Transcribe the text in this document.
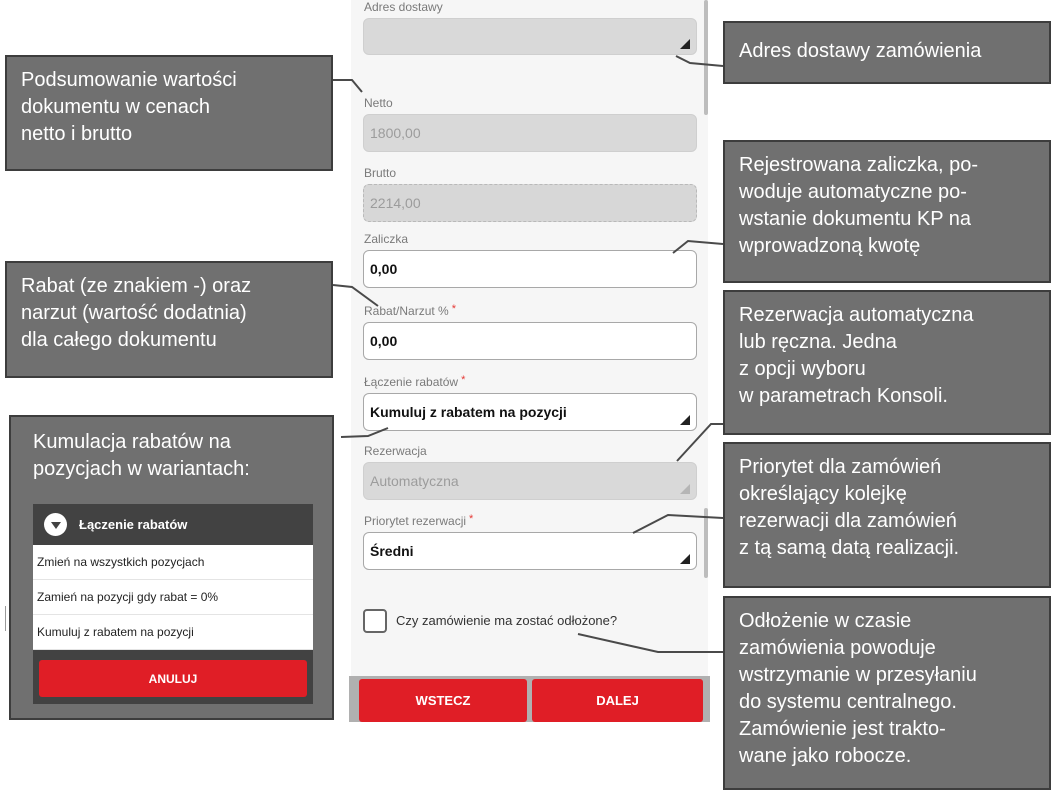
Adres dostawy
Netto
1800,00
Brutto
2214,00
Zaliczka
0,00
Rabat/Narzut % *
0,00
Łączenie rabatów *
Kumuluj z rabatem na pozycji
Rezerwacja
Automatyczna
Priorytet rezerwacji *
Średni
Czy zamówienie ma zostać odłożone?
WSTECZ	DALEJ
Podsumowanie wartości
dokumentu w cenach
netto i brutto
Rabat (ze znakiem -) oraz
narzut (wartość dodatnia)
dla całego dokumentu
Adres dostawy zamówienia
Rejestrowana zaliczka, po-
woduje automatyczne po-
wstanie dokumentu KP na
wprowadzoną kwotę
Rezerwacja automatyczna
lub ręczna. Jedna
z opcji wyboru
w parametrach Konsoli.
Priorytet dla zamówień
określający kolejkę
rezerwacji dla zamówień
z tą samą datą realizacji.
Odłożenie w czasie
zamówienia powoduje
wstrzymanie w przesyłaniu
do systemu centralnego.
Zamówienie jest trakto-
wane jako robocze.
Kumulacja rabatów na
pozycjach w wariantach:
Łączenie rabatów
Zmień na wszystkich pozycjach
Zamień na pozycji gdy rabat = 0%
Kumuluj z rabatem na pozycji
ANULUJ
